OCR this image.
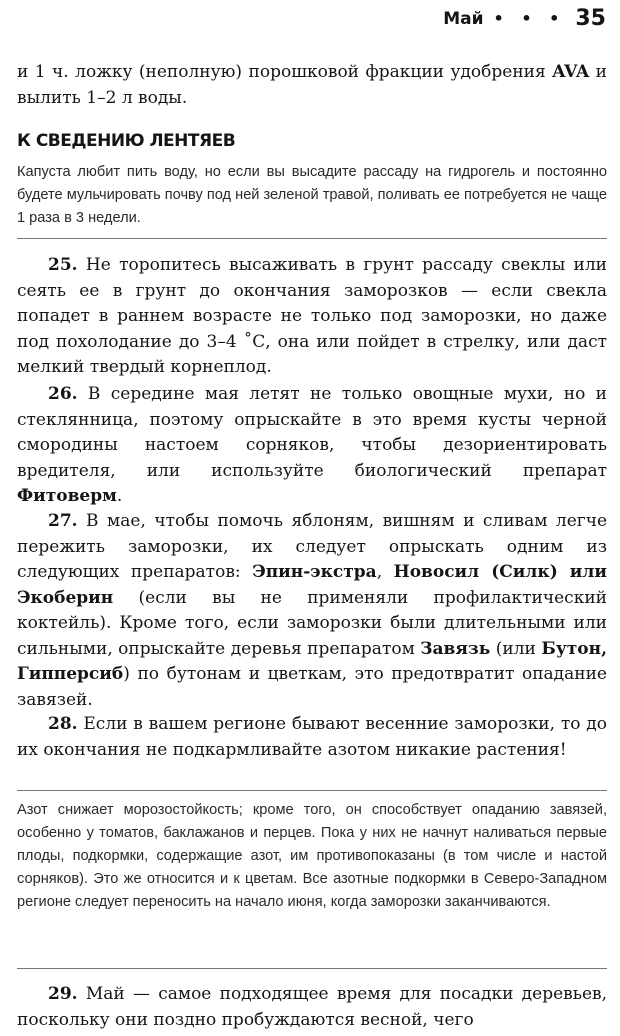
Май • • • 35

и 1 ч. ложку (неполную) порошковой фракции удобрения AVA и вылить 1–2 л воды.

К СВЕДЕНИЮ ЛЕНТЯЕВ

Капуста любит пить воду, но если вы высадите рассаду на гидрогель и постоянно будете мульчировать почву под ней зеленой травой, поливать ее потребуется не чаще 1 раза в 3 недели.

25. Не торопитесь высаживать в грунт рассаду свеклы или сеять ее в грунт до окончания заморозков — если свекла попадет в раннем возрасте не только под заморозки, но даже под похолодание до 3–4 ˚С, она или пойдет в стрелку, или даст мелкий твердый корнеплод.

26. В середине мая летят не только овощные мухи, но и стеклянница, поэтому опрыскайте в это время кусты черной смородины настоем сорняков, чтобы дезориентировать вредителя, или используйте биологический препарат Фитоверм.

27. В мае, чтобы помочь яблоням, вишням и сливам легче пережить заморозки, их следует опрыскать одним из следующих препаратов: Эпин-экстра, Новосил (Силк) или Экоберин (если вы не применяли профилактический коктейль). Кроме того, если заморозки были длительными или сильными, опрыскайте деревья препаратом Завязь (или Бутон, Гипперсиб) по бутонам и цветкам, это предотвратит опадание завязей.

28. Если в вашем регионе бывают весенние заморозки, то до их окончания не подкармливайте азотом никакие растения!

Азот снижает морозостойкость; кроме того, он способствует опаданию завязей, особенно у томатов, баклажанов и перцев. Пока у них не начнут наливаться первые плоды, подкормки, содержащие азот, им противопоказаны (в том числе и настой сорняков). Это же относится и к цветам. Все азотные подкормки в Северо-Западном регионе следует переносить на начало июня, когда заморозки заканчиваются.

29. Май — самое подходящее время для посадки деревьев, поскольку они поздно пробуждаются весной, чего
